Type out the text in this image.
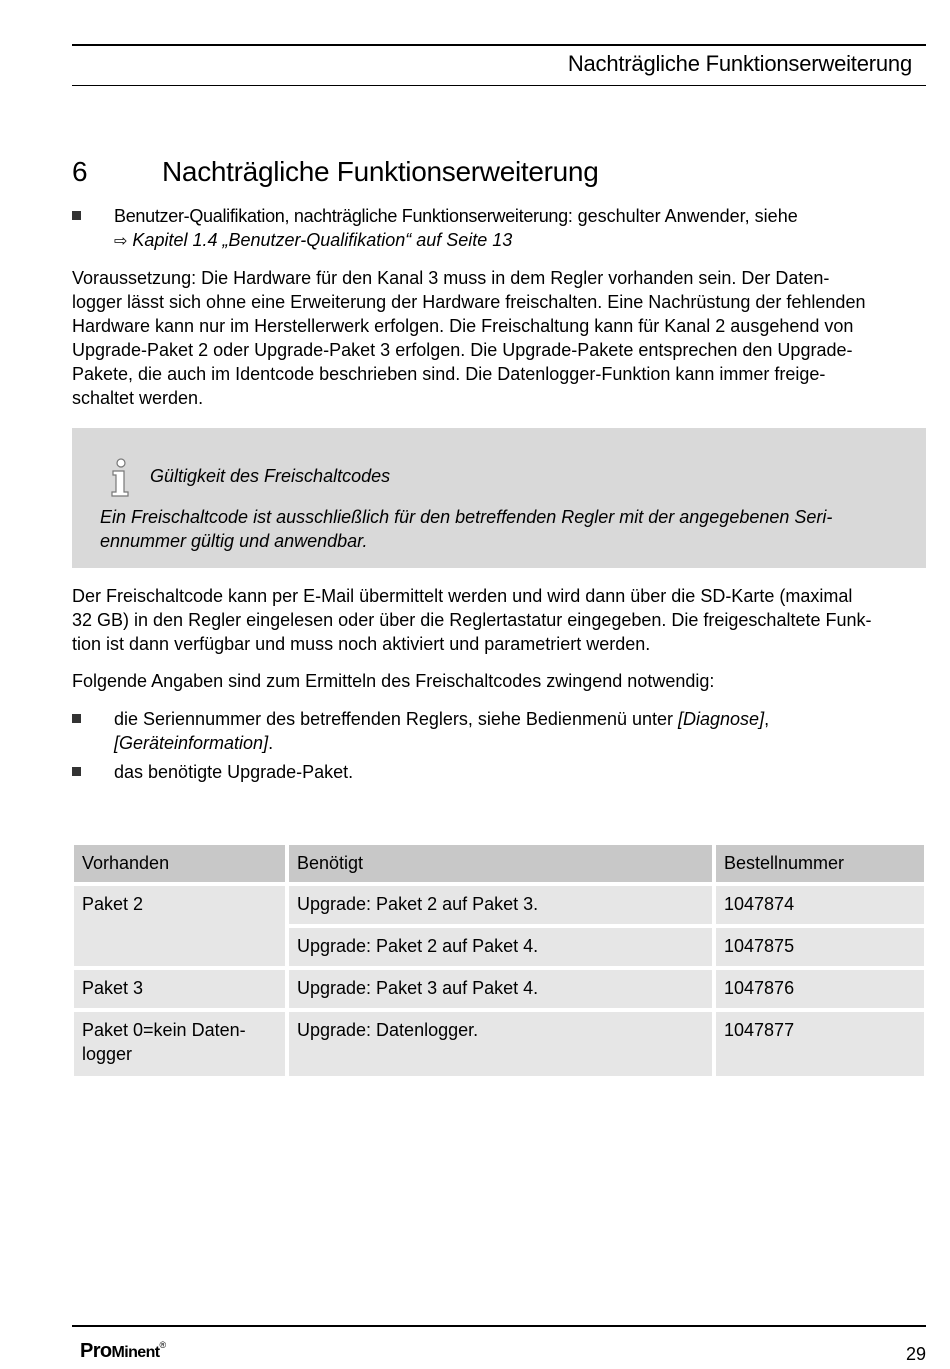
Nachträgliche Funktionserweiterung
6	Nachträgliche Funktionserweiterung
Benutzer-Qualifikation, nachträgliche Funktionserweiterung: geschulter Anwender, siehe
⇨ Kapitel 1.4 „Benutzer-Qualifikation“ auf Seite 13
Voraussetzung: Die Hardware für den Kanal 3 muss in dem Regler vorhanden sein. Der Daten-
logger lässt sich ohne eine Erweiterung der Hardware freischalten. Eine Nachrüstung der fehlenden
Hardware kann nur im Herstellerwerk erfolgen. Die Freischaltung kann für Kanal 2 ausgehend von
Upgrade-Paket 2 oder Upgrade-Paket 3 erfolgen. Die Upgrade-Pakete entsprechen den Upgrade-
Pakete, die auch im Identcode beschrieben sind. Die Datenlogger-Funktion kann immer freige-
schaltet werden.
Gültigkeit des Freischaltcodes
Ein Freischaltcode ist ausschließlich für den betreffenden Regler mit der angegebenen Seri-
ennummer gültig und anwendbar.
Der Freischaltcode kann per E-Mail übermittelt werden und wird dann über die SD-Karte (maximal
32 GB) in den Regler eingelesen oder über die Reglertastatur eingegeben. Die freigeschaltete Funk-
tion ist dann verfügbar und muss noch aktiviert und parametriert werden.
Folgende Angaben sind zum Ermitteln des Freischaltcodes zwingend notwendig:
die Seriennummer des betreffenden Reglers, siehe Bedienmenü unter [Diagnose],
[Geräteinformation].
das benötigte Upgrade-Paket.
Vorhanden	Benötigt	Bestellnummer
Paket 2	Upgrade: Paket 2 auf Paket 3.	1047874
Upgrade: Paket 2 auf Paket 4.	1047875
Paket 3	Upgrade: Paket 3 auf Paket 4.	1047876
Paket 0=kein Daten-
logger
Upgrade: Datenlogger.	1047877
ProMinent®	29
